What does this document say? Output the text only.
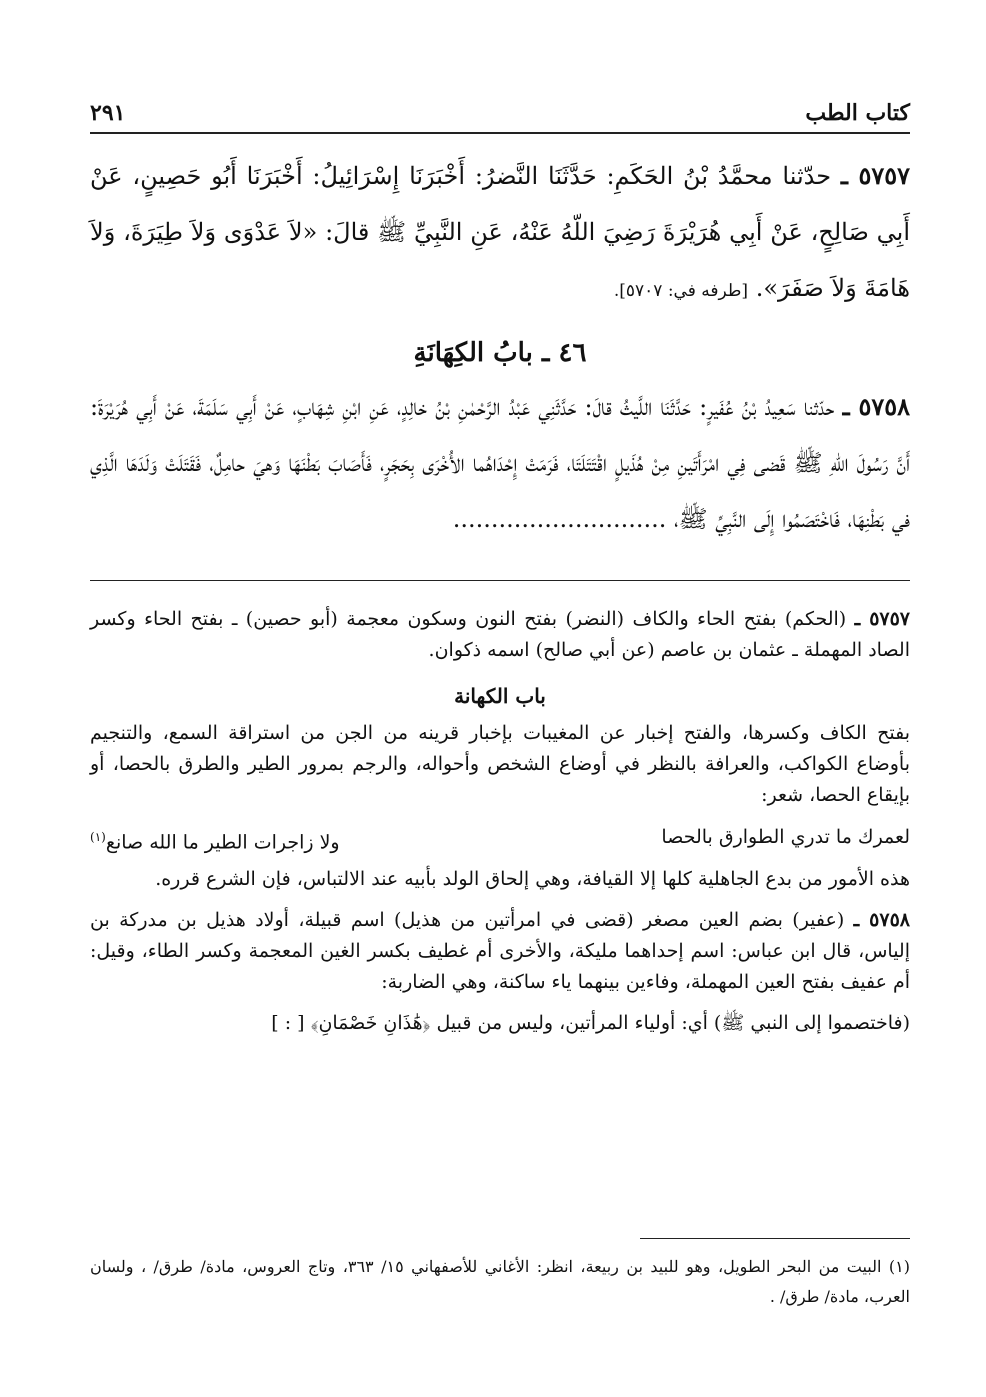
كتاب الطب
٢٩١

٥٧٥٧ ـ حدّثنا محمَّدُ بْنُ الحَكَمِ: حَدَّثَنَا النَّضرُ: أَخْبَرَنَا إِسْرَائِيلُ: أَخْبَرَنَا أَبُو حَصِينٍ، عَنْ أَبِي صَالِحٍ، عَنْ أَبِي هُرَيْرَةَ رَضِيَ اللّهُ عَنْهُ، عَنِ النَّبِيِّ ﷺ قالَ: «لاَ عَدْوَى وَلاَ طِيَرَةَ، وَلاَ هَامَةَ وَلاَ صَفَرَ». [طرفه في: ٥٧٠٧].

٤٦ ـ بابُ الكِهَانَةِ

٥٧٥٨ ـ حدّثنا سَعِيدُ بْنُ عُفَيرٍ: حَدَّثَنَا اللَّيثُ قالَ: حَدَّثَنِي عَبْدُ الرَّحْمٰنِ بْنُ خالِدٍ، عَنِ ابْنِ شِهَابٍ، عَنْ أَبِي سَلَمَةَ، عَنْ أَبِي هُرَيْرَةَ: أَنَّ رَسُولَ اللّهِ ﷺ قَضى فِي امْرَأَتَينِ مِنْ هُذَيلٍ اقْتَتَلَتَا، فَرَمَتْ إِحْدَاهُما الأُخْرَى بِحَجَرٍ، فَأَصَابَ بَطْنَهَا وَهيَ حامِلٌ، فَقَتَلَتْ وَلَدَهَا الَّذِي في بَطْنِهَا، فَاخْتَصَمُوا إِلَى النَّبِيِّ ﷺ، ............................

٥٧٥٧ ـ (الحكم) بفتح الحاء والكاف (النضر) بفتح النون وسكون معجمة (أبو حصين) ـ بفتح الحاء وكسر الصاد المهملة ـ عثمان بن عاصم (عن أبي صالح) اسمه ذكوان.

باب الكهانة

بفتح الكاف وكسرها، والفتح إخبار عن المغيبات بإخبار قرينه من الجن من استراقة السمع، والتنجيم بأوضاع الكواكب، والعرافة بالنظر في أوضاع الشخص وأحواله، والرجم بمرور الطير والطرق بالحصا، أو بإيقاع الحصا، شعر:

لعمرك ما تدري الطوارق بالحصا
ولا زاجرات الطير ما الله صانع$^{(١)}$

هذه الأمور من بدع الجاهلية كلها إلا القيافة، وهي إلحاق الولد بأبيه عند الالتباس، فإن الشرع قرره.

٥٧٥٨ ـ (عفير) بضم العين مصغر (قضى في امرأتين من هذيل) اسم قبيلة، أولاد هذيل بن مدركة بن إلياس، قال ابن عباس: اسم إحداهما مليكة، والأخرى أم غطيف بكسر الغين المعجمة وكسر الطاء، وقيل: أم عفيف بفتح العين المهملة، وفاءين بينهما ياء ساكنة، وهي الضاربة:

(فاختصموا إلى النبي ﷺ) أي: أولياء المرأتين، وليس من قبيل ﴿هَٰذَانِ خَصْمَانِ﴾ [ : ]

(١) البيت من البحر الطويل، وهو للبيد بن ربيعة، انظر: الأغاني للأصفهاني ١٥/ ٣٦٣، وتاج العروس، مادة/ طرق/ ، ولسان العرب، مادة/ طرق/ .
